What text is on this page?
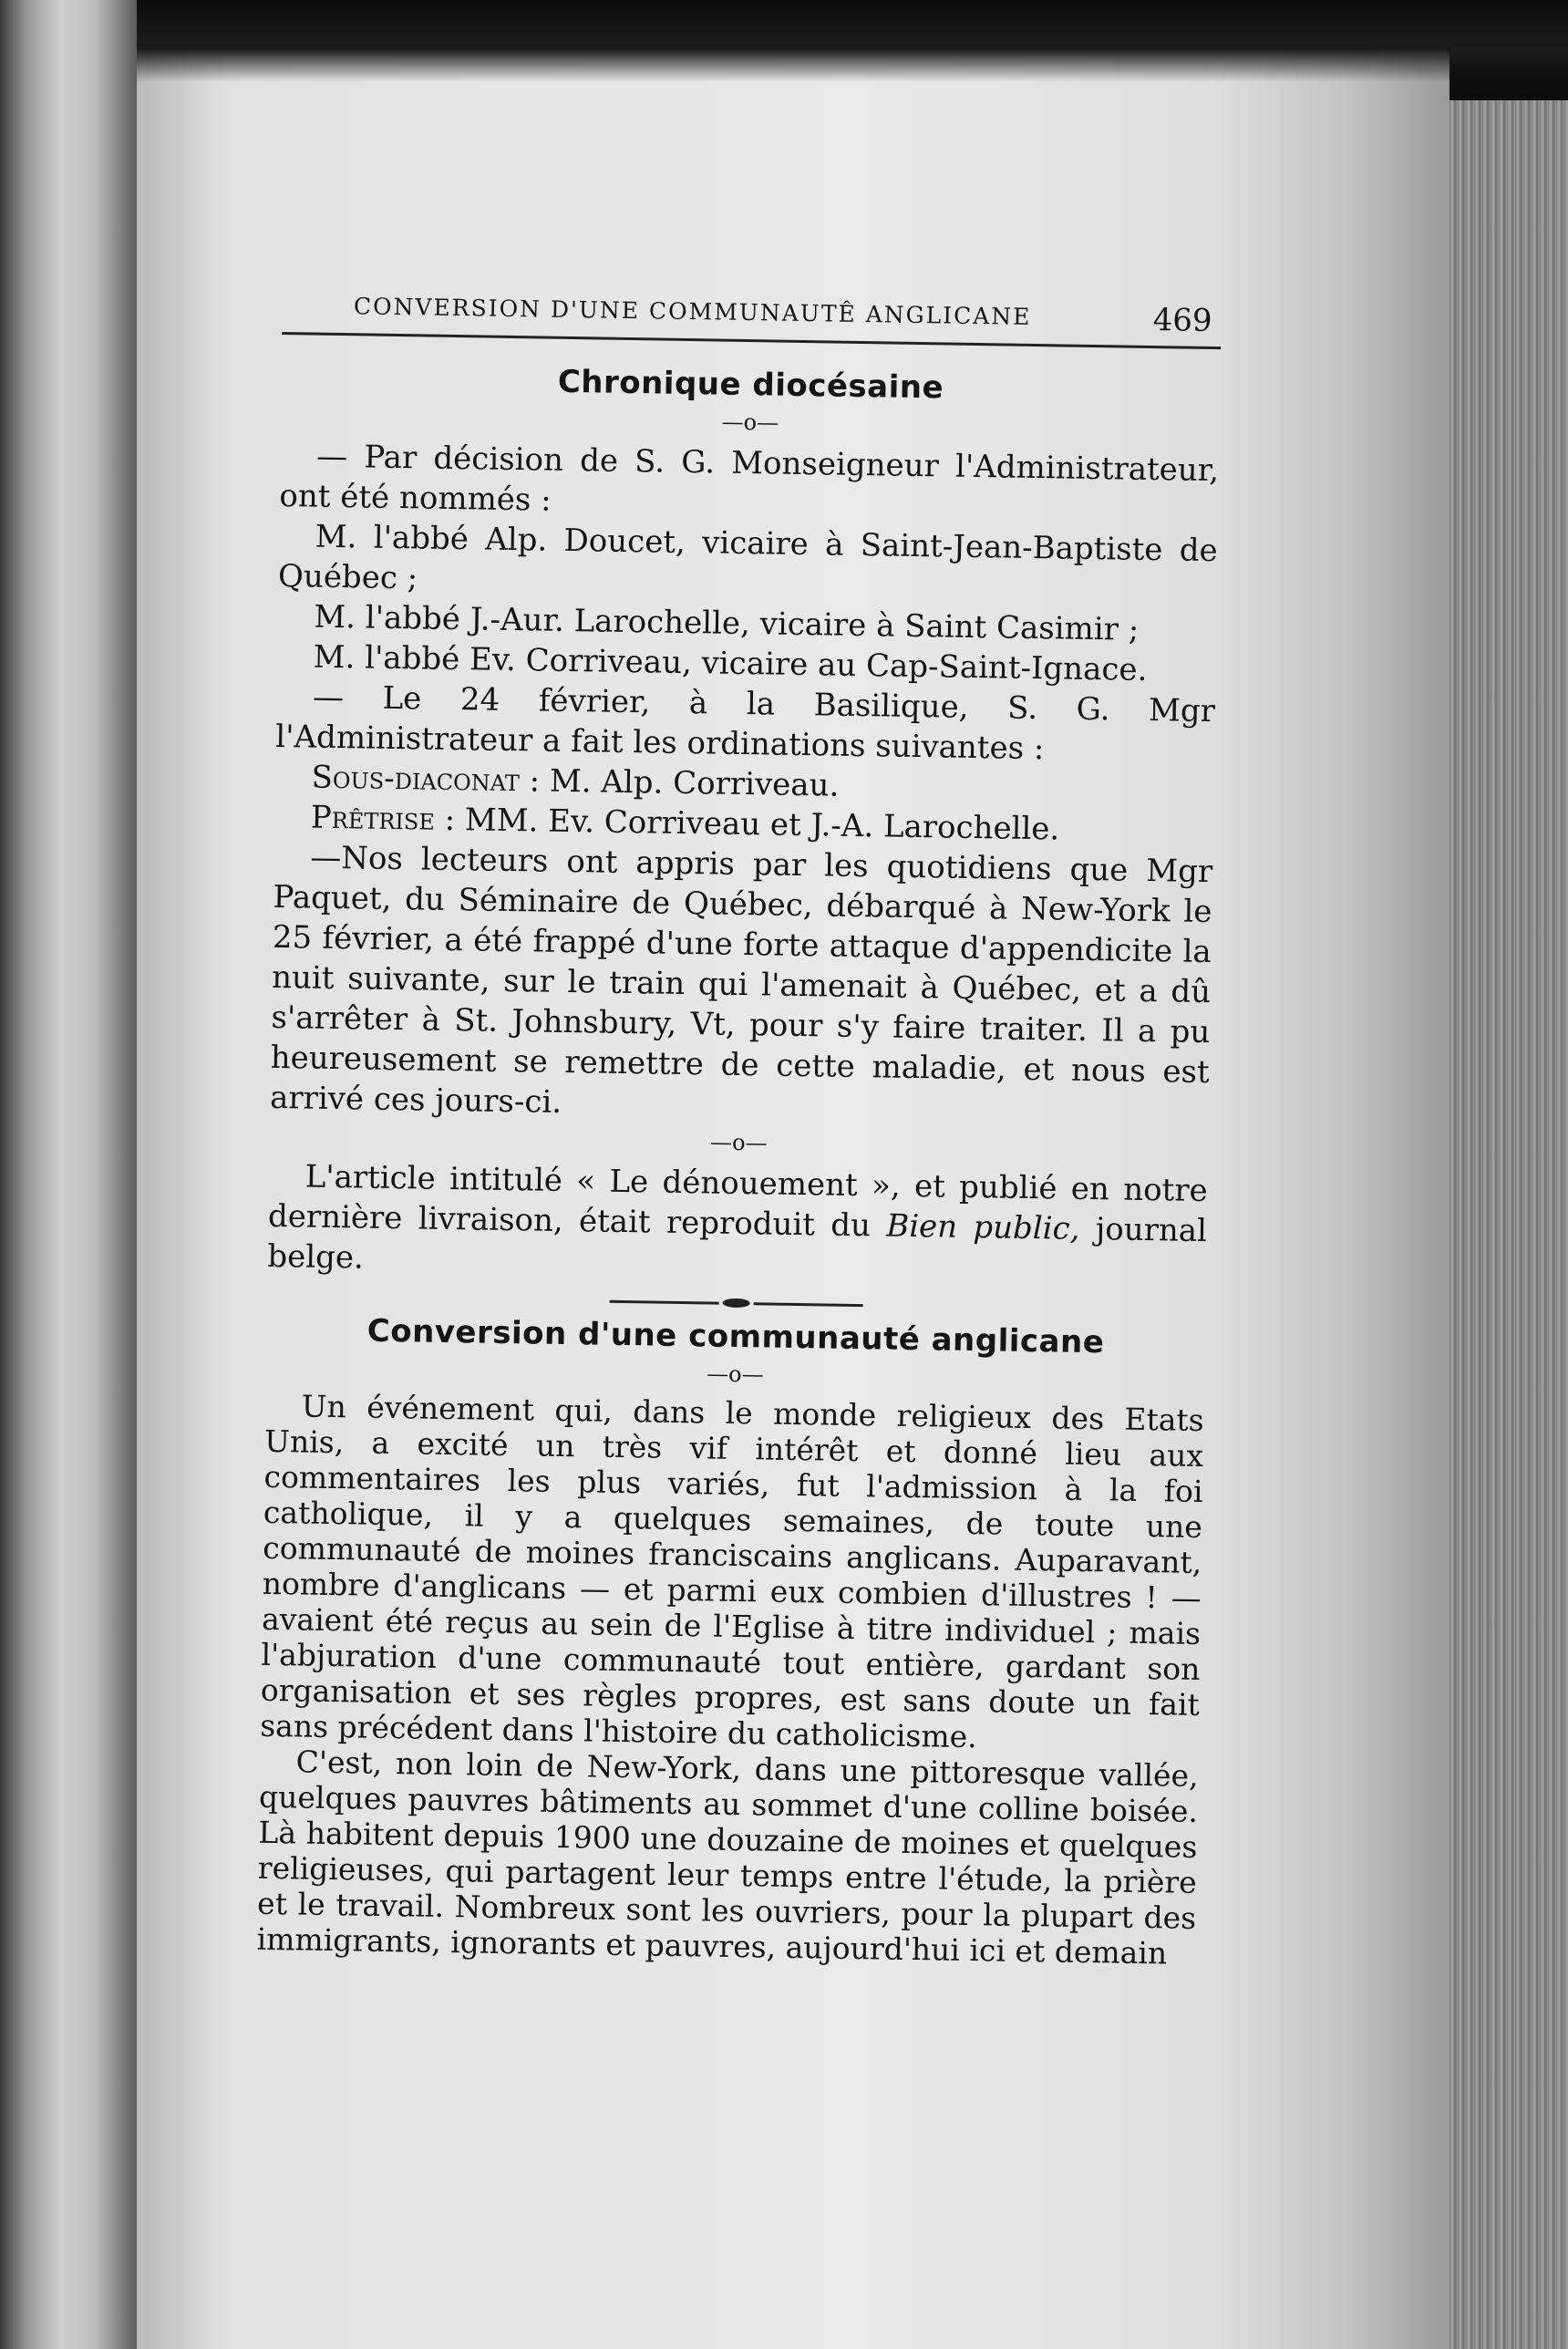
CONVERSION D'UNE COMMUNAUTÊ ANGLICANE	469
Chronique diocésaine
—o—

— Par décision de S. G. Monseigneur l'Administrateur, ont été nommés :

M. l'abbé Alp. Doucet, vicaire à Saint-Jean-Baptiste de Québec ;

M. l'abbé J.-Aur. Larochelle, vicaire à Saint Casimir ;

M. l'abbé Ev. Corriveau, vicaire au Cap-Saint-Ignace.

— Le 24 février, à la Basilique, S. G. Mgr l'Administrateur a fait les ordinations suivantes :

Sous-diaconat : M. Alp. Corriveau.

Prêtrise : MM. Ev. Corriveau et J.-A. Larochelle.

—Nos lecteurs ont appris par les quotidiens que Mgr Paquet, du Séminaire de Québec, débarqué à New-York le 25 février, a été frappé d'une forte attaque d'appendicite la nuit suivante, sur le train qui l'amenait à Québec, et a dû s'arrêter à St. Johnsbury, Vt, pour s'y faire traiter. Il a pu heureusement se remettre de cette maladie, et nous est arrivé ces jours-ci.

—o—

L'article intitulé « Le dénouement », et publié en notre dernière livraison, était reproduit du Bien public, journal belge.

Conversion d'une communauté anglicane
—o—

Un événement qui, dans le monde religieux des Etats Unis, a excité un très vif intérêt et donné lieu aux commentaires les plus variés, fut l'admission à la foi catholique, il y a quelques semaines, de toute une communauté de moines franciscains anglicans. Auparavant, nombre d'anglicans — et parmi eux combien d'illustres ! — avaient été reçus au sein de l'Eglise à titre individuel ; mais l'abjuration d'une communauté tout entière, gardant son organisation et ses règles propres, est sans doute un fait sans précédent dans l'histoire du catholicisme.

C'est, non loin de New-York, dans une pittoresque vallée, quelques pauvres bâtiments au sommet d'une colline boisée. Là habitent depuis 1900 une douzaine de moines et quelques religieuses, qui partagent leur temps entre l'étude, la prière et le travail. Nombreux sont les ouvriers, pour la plupart des immigrants, ignorants et pauvres, aujourd'hui ici et demain
